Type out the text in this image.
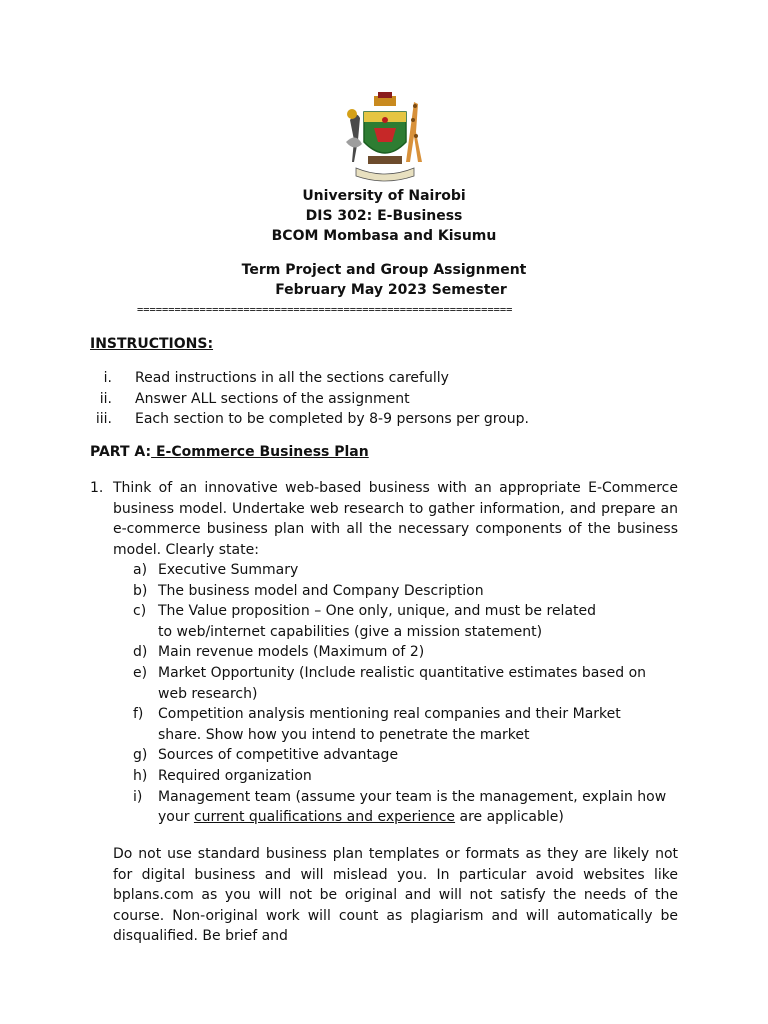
University of Nairobi
DIS 302: E-Business
BCOM Mombasa and Kisumu
Term Project and Group Assignment
February May 2023 Semester
============================================================
INSTRUCTIONS:
i. Read instructions in all the sections carefully
ii. Answer ALL sections of the assignment
iii. Each section to be completed by 8-9 persons per group.
PART A: E-Commerce Business Plan
1. Think of an innovative web-based business with an appropriate E-Commerce business model. Undertake web research to gather information, and prepare an e-commerce business plan with all the necessary components of the business model. Clearly state:
a) Executive Summary
b) The business model and Company Description
c) The Value proposition – One only, unique, and must be related to web/internet capabilities (give a mission statement)
d) Main revenue models (Maximum of 2)
e) Market Opportunity (Include realistic quantitative estimates based on web research)
f)	Competition analysis mentioning real companies and their Market share. Show how you intend to penetrate the market
g) Sources of competitive advantage
h) Required organization
i)	Management team (assume your team is the management, explain how your current qualifications and experience are applicable)
Do not use standard business plan templates or formats as they are likely not for digital business and will mislead you. In particular avoid websites like bplans.com as you will not be original and will not satisfy the needs of the course. Non-original work will count as plagiarism and will automatically be disqualified. Be brief and
